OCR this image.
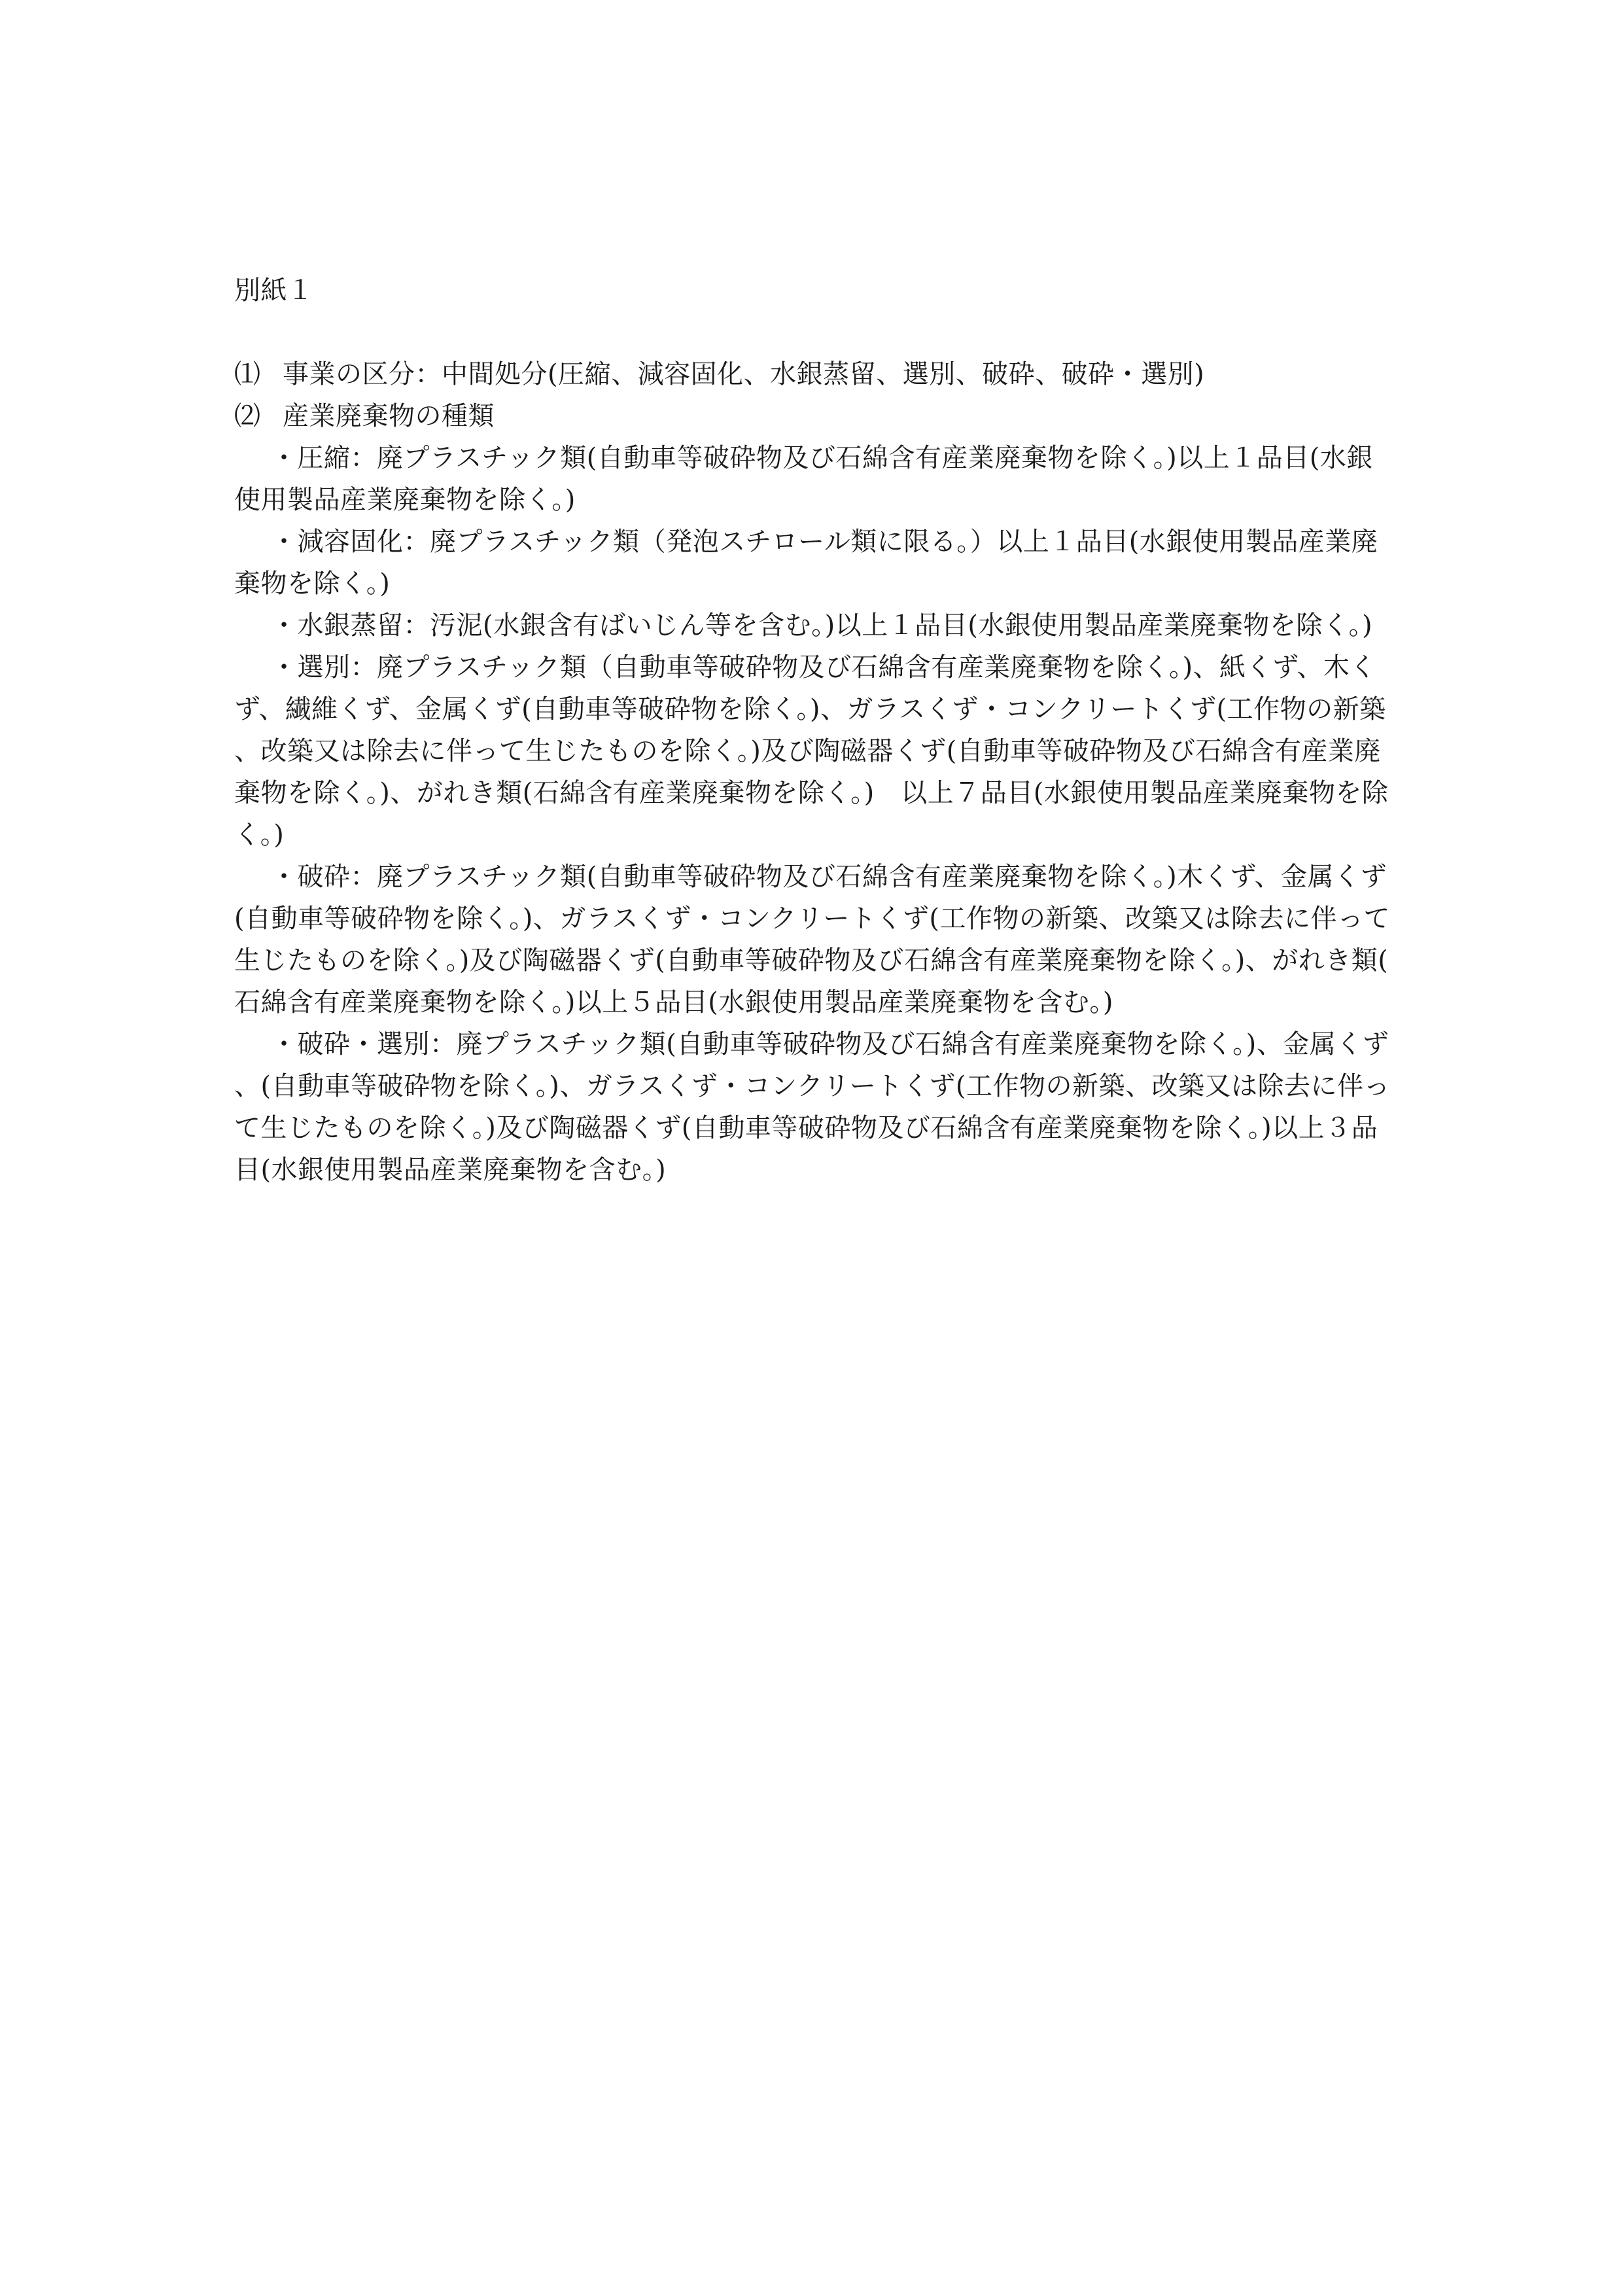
別紙１

⑴ 事業の区分：中間処分(圧縮、減容固化、水銀蒸留、選別、破砕、破砕・選別)

⑵ 産業廃棄物の種類

・圧縮：廃プラスチック類(自動車等破砕物及び石綿含有産業廃棄物を除く。)以上１品目(水銀使用製品産業廃棄物を除く。)

・減容固化：廃プラスチック類（発泡スチロール類に限る。）以上１品目(水銀使用製品産業廃棄物を除く。)

・水銀蒸留：汚泥(水銀含有ばいじん等を含む。)以上１品目(水銀使用製品産業廃棄物を除く。)

・選別：廃プラスチック類（自動車等破砕物及び石綿含有産業廃棄物を除く。)、紙くず、木くず、繊維くず、金属くず(自動車等破砕物を除く。)、ガラスくず・コンクリートくず(工作物の新築、改築又は除去に伴って生じたものを除く。)及び陶磁器くず(自動車等破砕物及び石綿含有産業廃棄物を除く。)、がれき類(石綿含有産業廃棄物を除く。)　以上７品目(水銀使用製品産業廃棄物を除く。)

・破砕：廃プラスチック類(自動車等破砕物及び石綿含有産業廃棄物を除く。)木くず、金属くず(自動車等破砕物を除く。)、ガラスくず・コンクリートくず(工作物の新築、改築又は除去に伴って生じたものを除く。)及び陶磁器くず(自動車等破砕物及び石綿含有産業廃棄物を除く。)、がれき類(石綿含有産業廃棄物を除く。)以上５品目(水銀使用製品産業廃棄物を含む。)

・破砕・選別：廃プラスチック類(自動車等破砕物及び石綿含有産業廃棄物を除く。)、金属くず、(自動車等破砕物を除く。)、ガラスくず・コンクリートくず(工作物の新築、改築又は除去に伴って生じたものを除く。)及び陶磁器くず(自動車等破砕物及び石綿含有産業廃棄物を除く。)以上３品目(水銀使用製品産業廃棄物を含む。)
